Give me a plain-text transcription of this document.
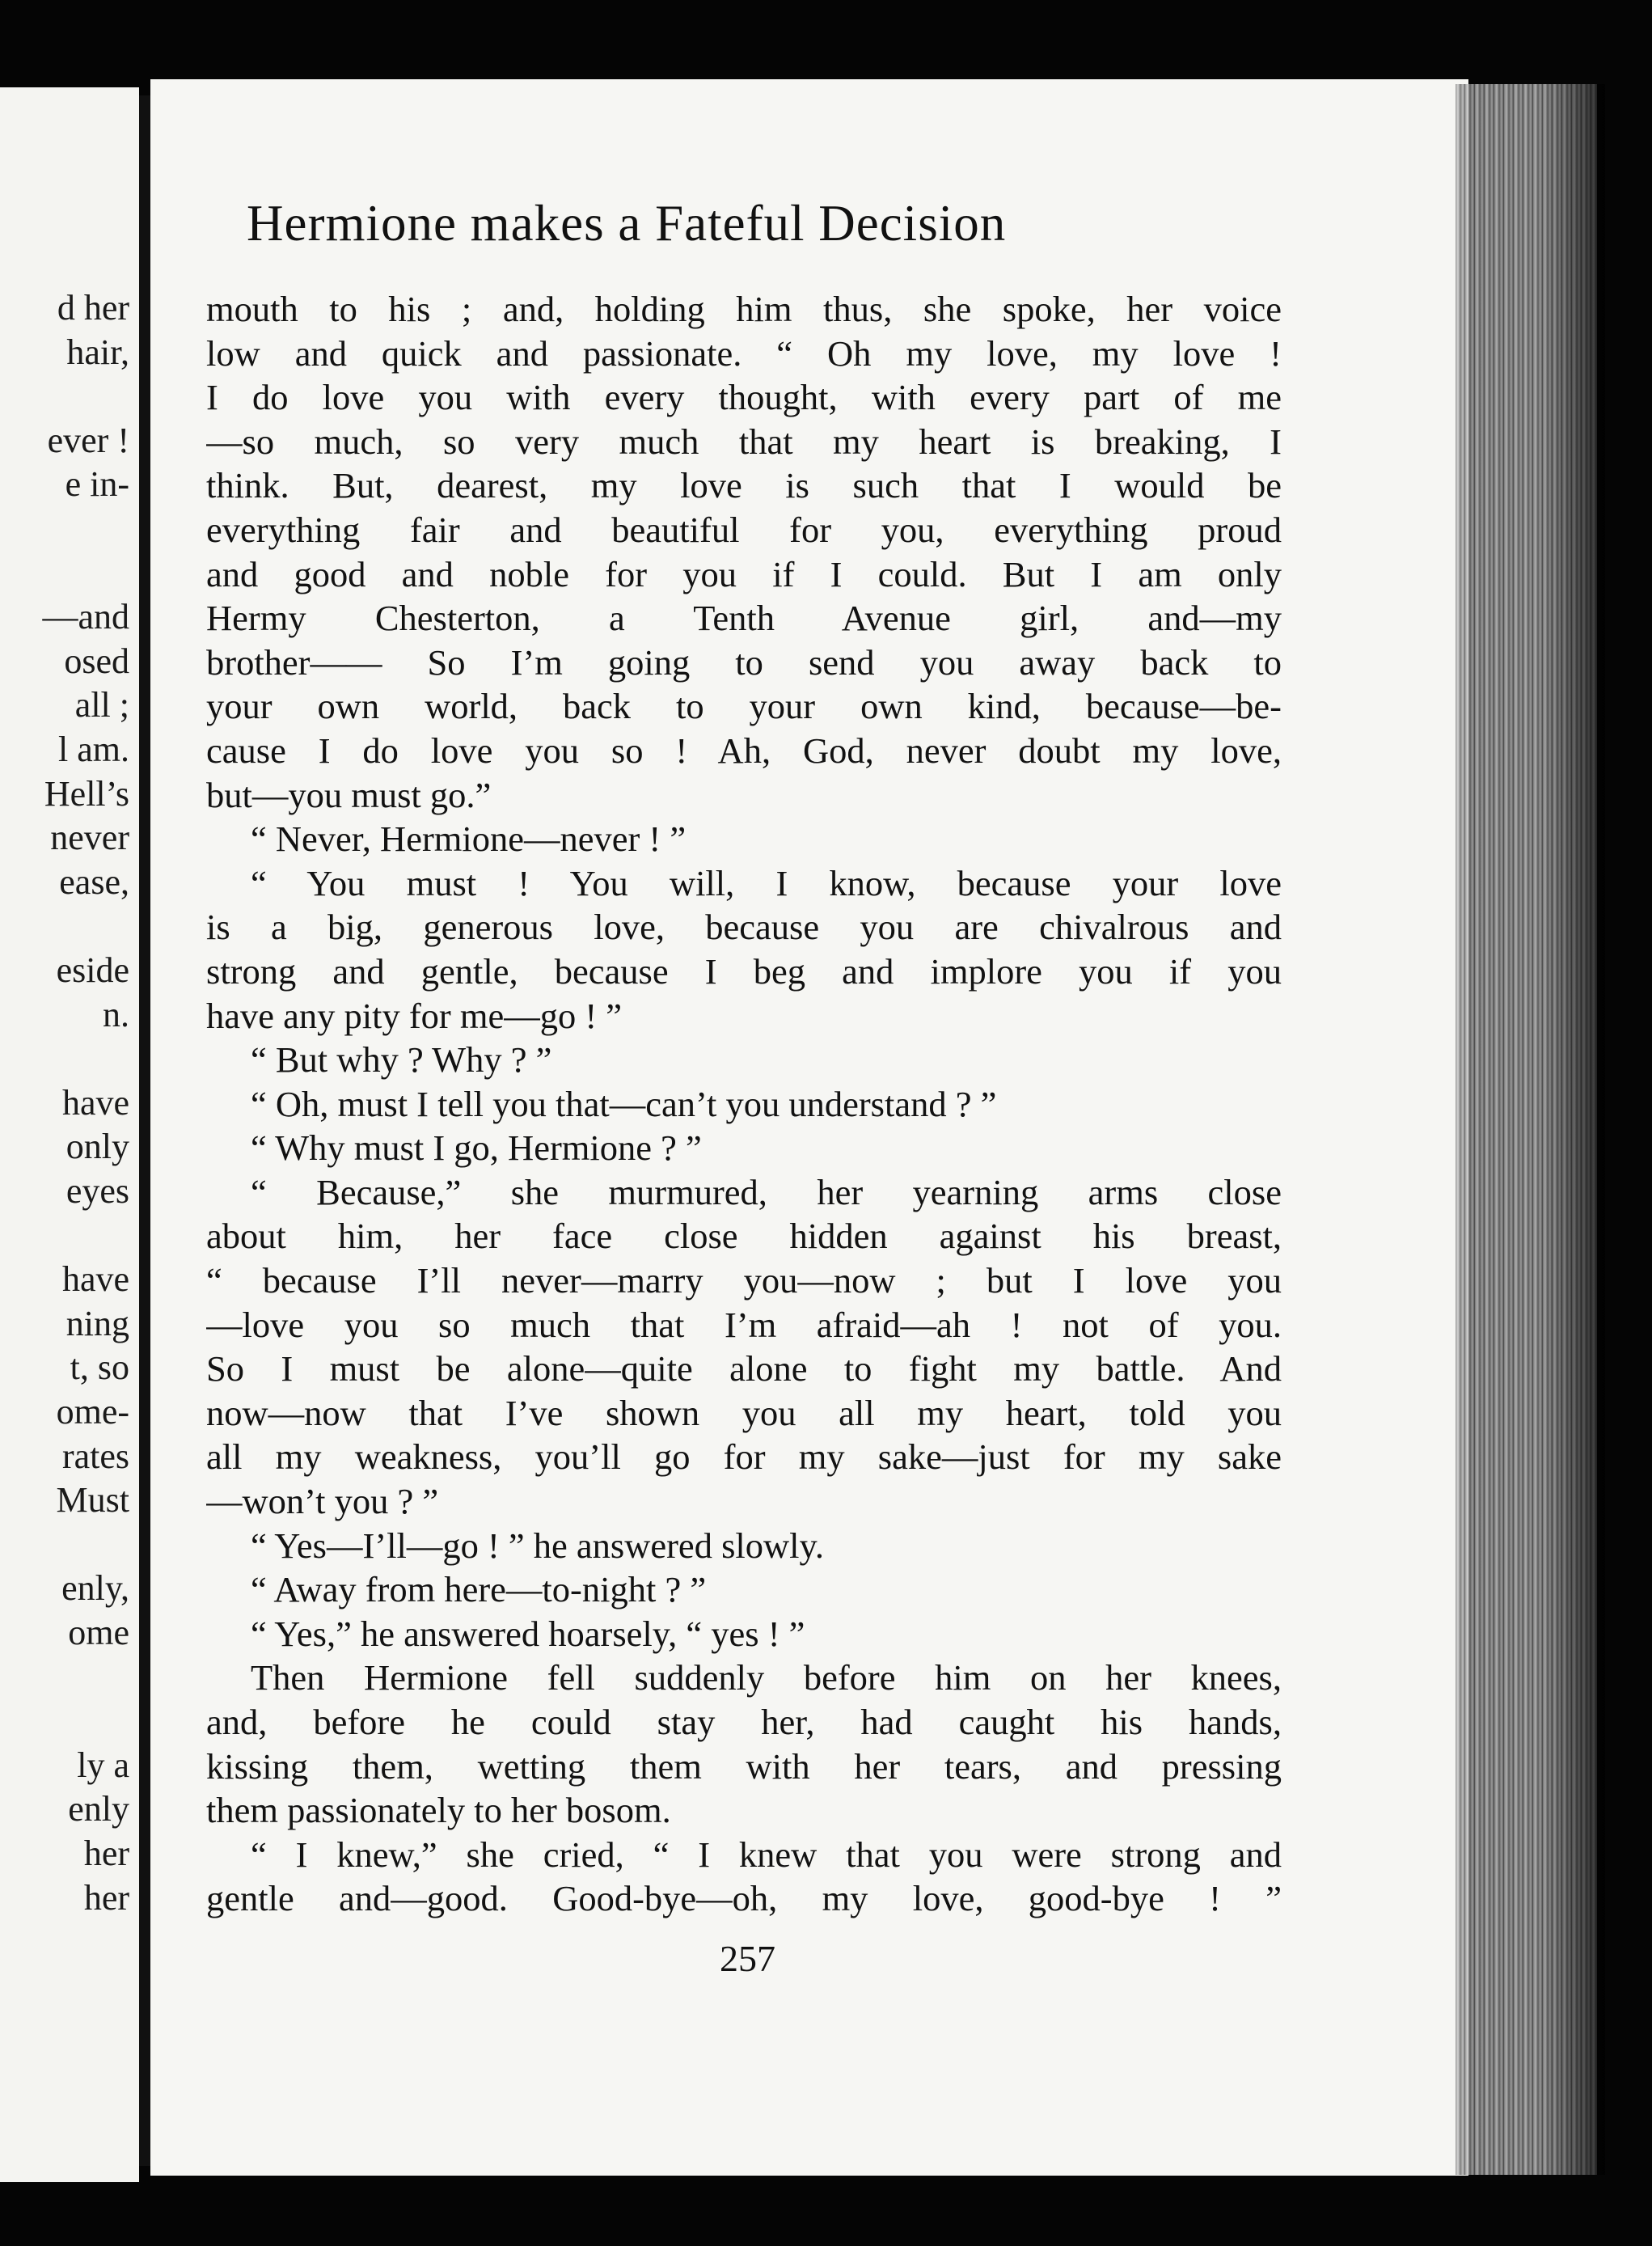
d her
hair,
ever !
e in-
—and
osed
all ;
l am.
Hell’s
never
ease,
eside
n.
have
only
eyes
have
ning
t, so
ome-
rates
Must
enly,
ome
ly a
enly
her
her
Hermione makes a Fateful Decision
mouth to his ; and, holding him thus, she spoke, her voice
low and quick and passionate. “ Oh my love, my love !
I do love you with every thought, with every part of me
—so much, so very much that my heart is breaking, I
think. But, dearest, my love is such that I would be
everything fair and beautiful for you, everything proud
and good and noble for you if I could. But I am only
Hermy Chesterton, a Tenth Avenue girl, and—my
brother—— So I’m going to send you away back to
your own world, back to your own kind, because—be-
cause I do love you so ! Ah, God, never doubt my love,
but—you must go.”
“ Never, Hermione—never ! ”
“ You must ! You will, I know, because your love
is a big, generous love, because you are chivalrous and
strong and gentle, because I beg and implore you if you
have any pity for me—go ! ”
“ But why ? Why ? ”
“ Oh, must I tell you that—can’t you understand ? ”
“ Why must I go, Hermione ? ”
“ Because,” she murmured, her yearning arms close
about him, her face close hidden against his breast,
“ because I’ll never—marry you—now ; but I love you
—love you so much that I’m afraid—ah ! not of you.
So I must be alone—quite alone to fight my battle. And
now—now that I’ve shown you all my heart, told you
all my weakness, you’ll go for my sake—just for my sake
—won’t you ? ”
“ Yes—I’ll—go ! ” he answered slowly.
“ Away from here—to-night ? ”
“ Yes,” he answered hoarsely, “ yes ! ”
Then Hermione fell suddenly before him on her knees,
and, before he could stay her, had caught his hands,
kissing them, wetting them with her tears, and pressing
them passionately to her bosom.
“ I knew,” she cried, “ I knew that you were strong and
gentle and—good. Good-bye—oh, my love, good-bye ! ”
257
